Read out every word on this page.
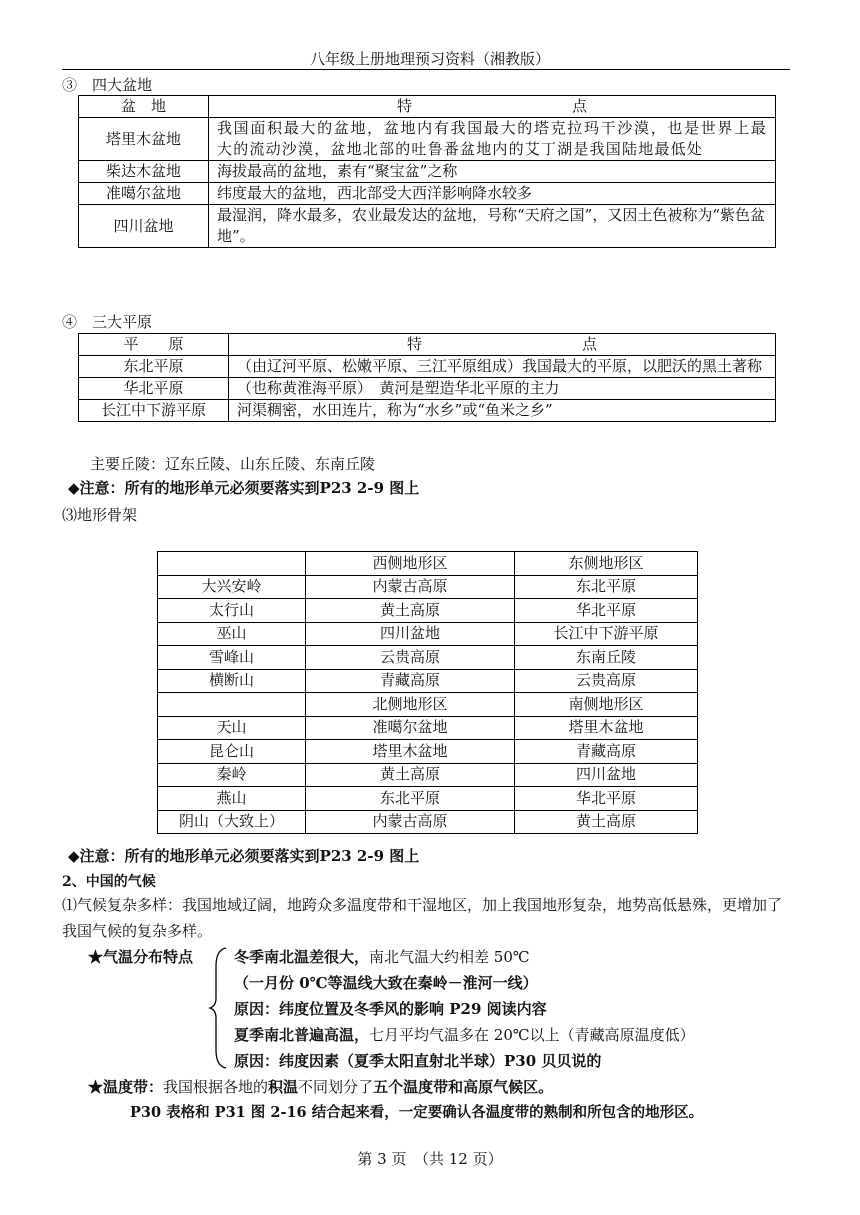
八年级上册地理预习资料（湘教版）
③　四大盆地
盆　地	特 点
塔里木盆地	我国面积最大的盆地，盆地内有我国最大的塔克拉玛干沙漠，也是世界上最大的流动沙漠，盆地北部的吐鲁番盆地内的艾丁湖是我国陆地最低处
柴达木盆地	海拔最高的盆地，素有“聚宝盆”之称
准噶尔盆地	纬度最大的盆地，西北部受大西洋影响降水较多
四川盆地	最湿润，降水最多，农业最发达的盆地，号称“天府之国”，又因土色被称为“紫色盆地”。
④　三大平原
平　　原	特 点
东北平原	（由辽河平原、松嫩平原、三江平原组成）我国最大的平原，以肥沃的黑土著称
华北平原	（也称黄淮海平原）　黄河是塑造华北平原的主力
长江中下游平原	河渠稠密，水田连片，称为“水乡”或“鱼米之乡”
主要丘陵：辽东丘陵、山东丘陵、东南丘陵
◆注意：所有的地形单元必须要落实到P23 2-9 图上
⑶地形骨架
	西侧地形区	东侧地形区
大兴安岭	内蒙古高原	东北平原
太行山	黄土高原	华北平原
巫山	四川盆地	长江中下游平原
雪峰山	云贵高原	东南丘陵
横断山	青藏高原	云贵高原
	北侧地形区	南侧地形区
天山	准噶尔盆地	塔里木盆地
昆仑山	塔里木盆地	青藏高原
秦岭	黄土高原	四川盆地
燕山	东北平原	华北平原
阴山（大致上）	内蒙古高原	黄土高原
◆注意：所有的地形单元必须要落实到P23 2-9 图上
2、中国的气候
⑴气候复杂多样：我国地域辽阔，地跨众多温度带和干湿地区，加上我国地形复杂，地势高低悬殊，更增加了我国气候的复杂多样。
★气温分布特点	冬季南北温差很大，南北气温大约相差 50℃
（一月份 0℃等温线大致在秦岭－淮河一线）
原因：纬度位置及冬季风的影响 P29 阅读内容
夏季南北普遍高温，七月平均气温多在 20℃以上（青藏高原温度低）
原因：纬度因素（夏季太阳直射北半球）P30 贝贝说的
★温度带：我国根据各地的积温不同划分了五个温度带和高原气候区。
P30 表格和 P31 图 2-16 结合起来看，一定要确认各温度带的熟制和所包含的地形区。
第 3 页　（共 12 页）
